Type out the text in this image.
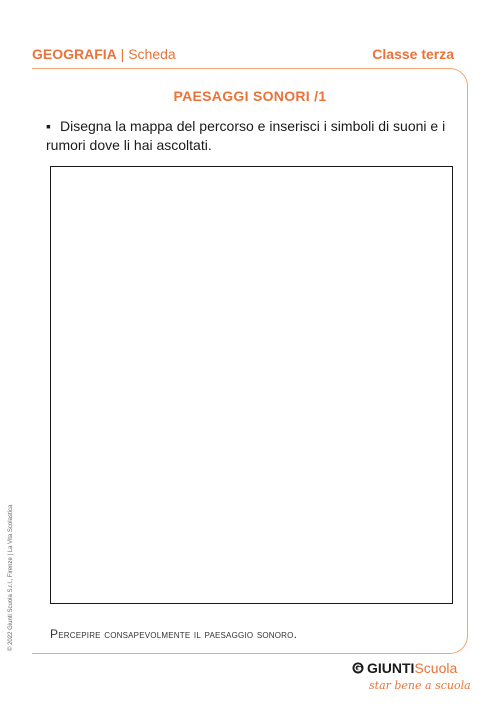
GEOGRAFIA | Scheda	Classe terza
PAESAGGI SONORI /1
▪ Disegna la mappa del percorso e inserisci i simboli di suoni e i rumori dove li hai ascoltati.
Percepire consapevolmente il paesaggio sonoro.
© 2022 Giunti Scuola S.r.l., Firenze | La Vita Scolastica
GIUNTIScuola
star bene a scuola
